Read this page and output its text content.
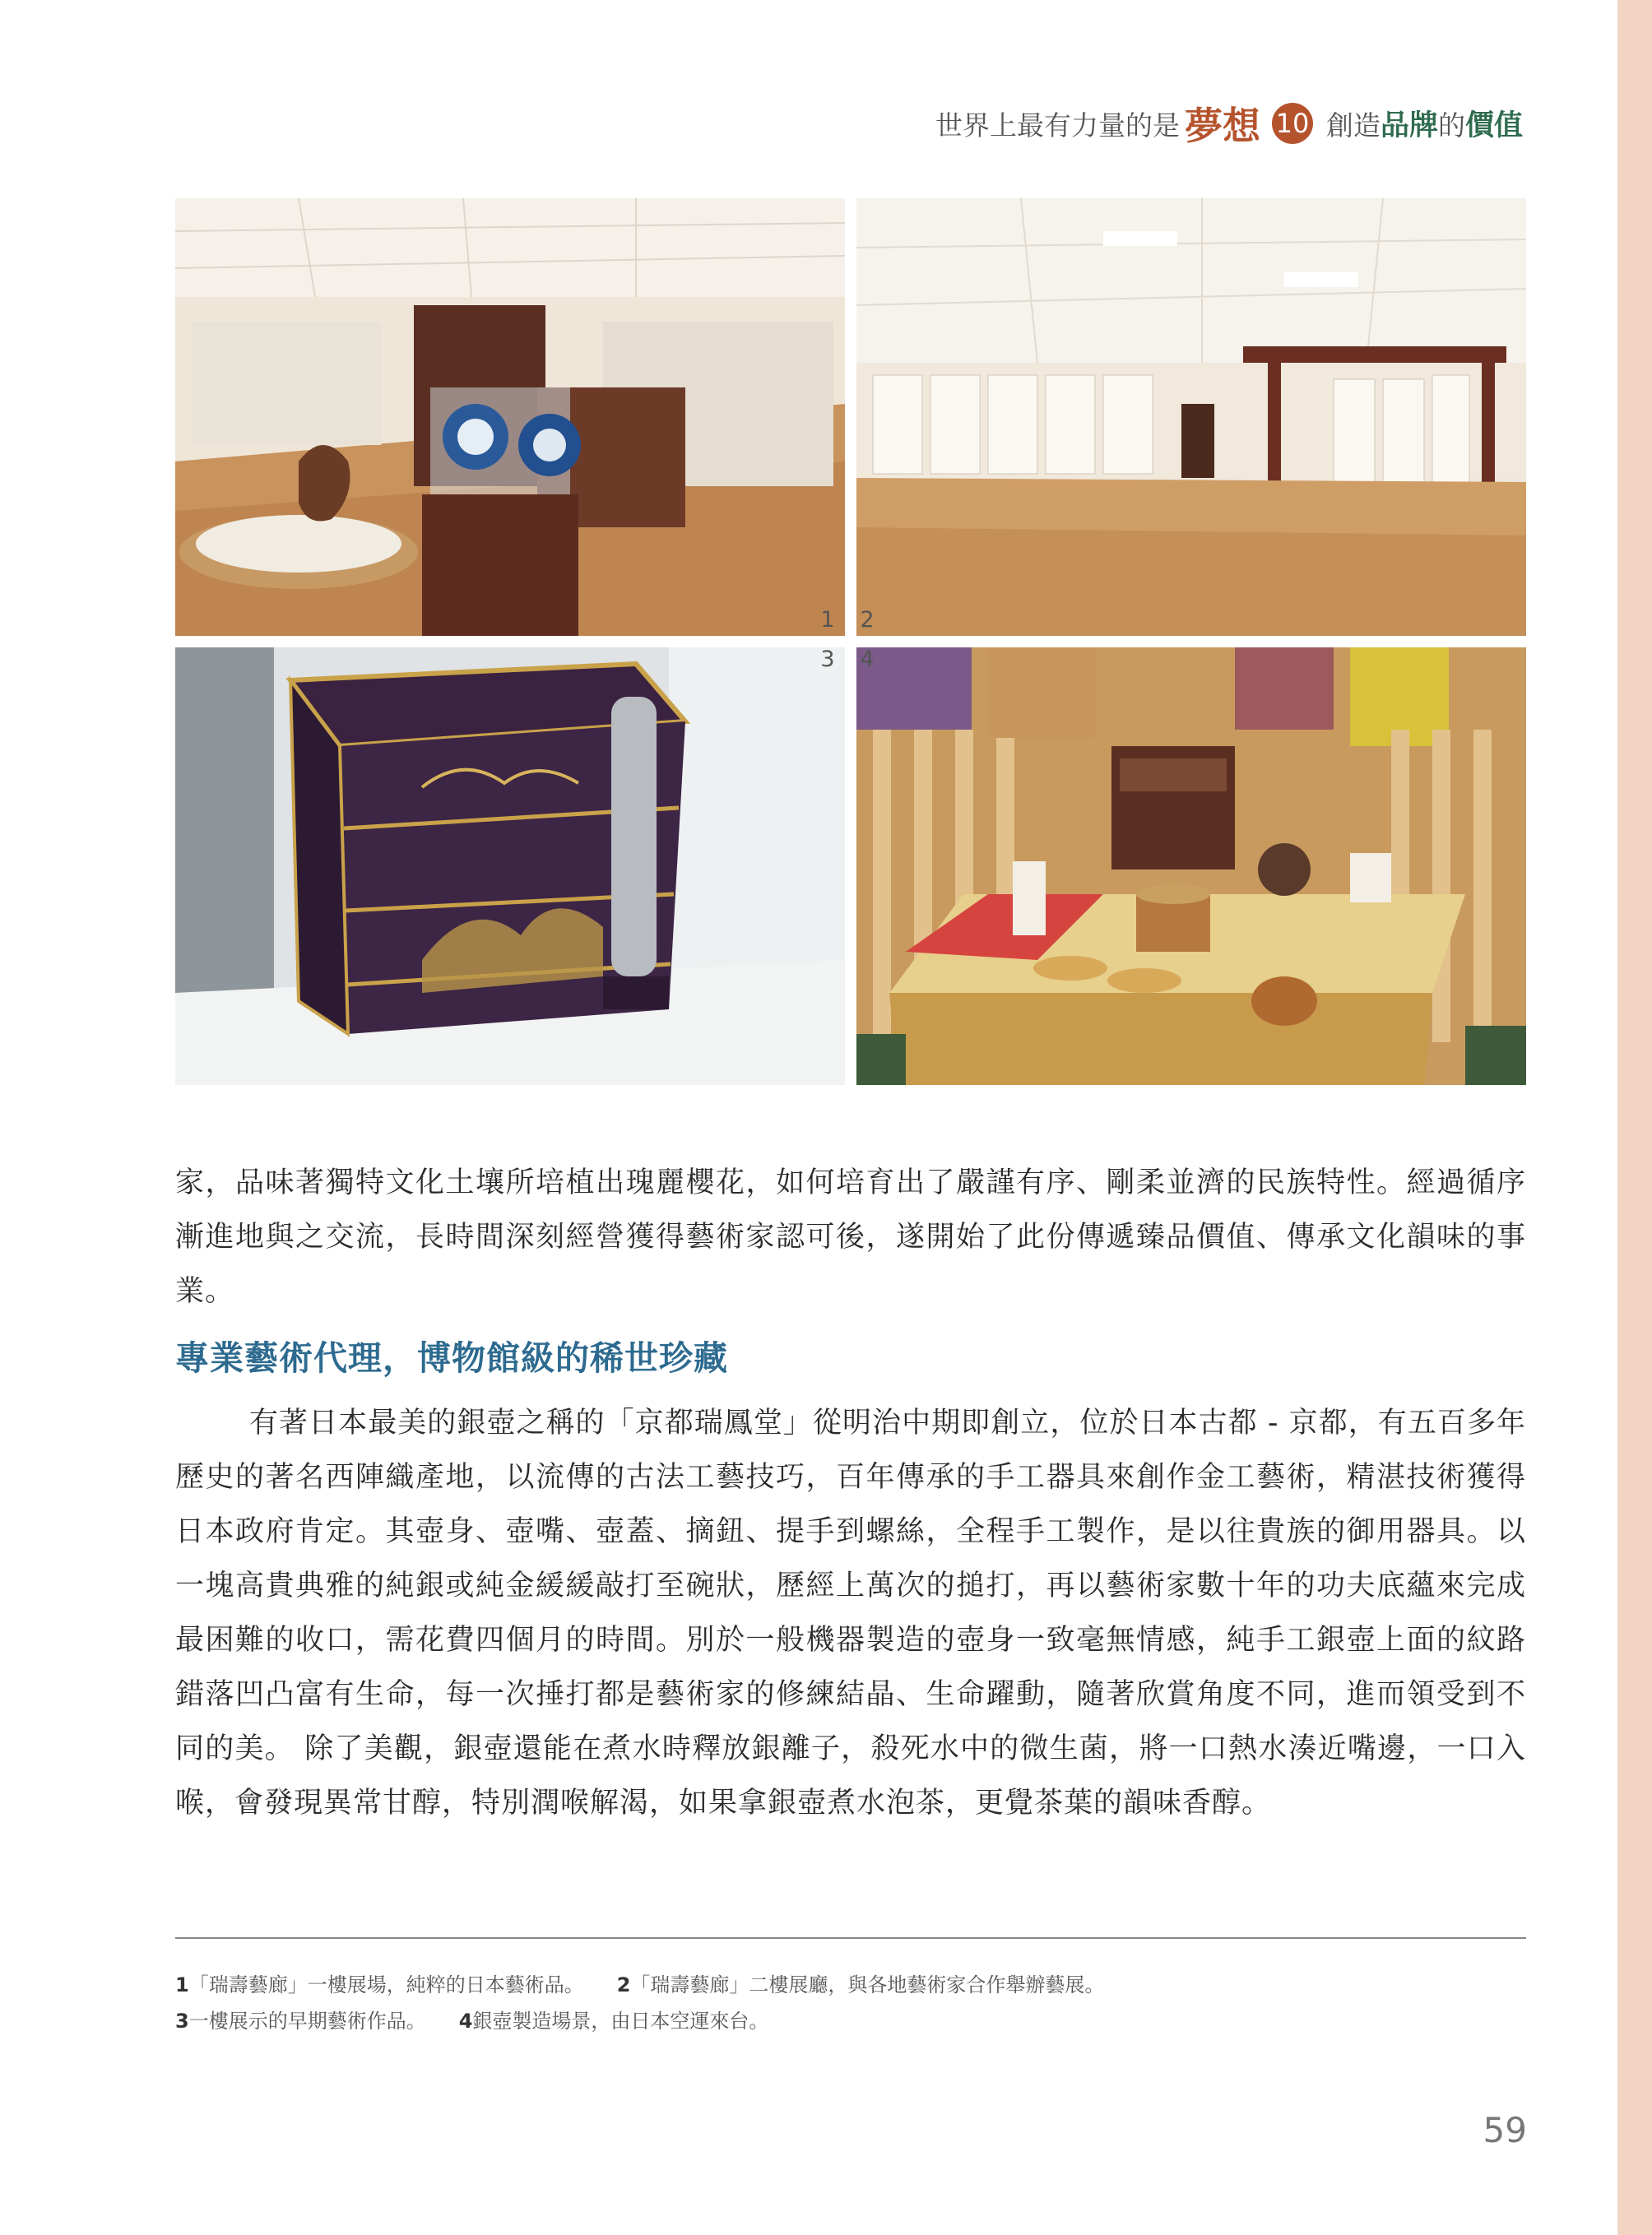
世界上最有力量的是 夢想 10 創造 品牌 的 價值
1 2
3 4

家，品味著獨特文化土壤所培植出瑰麗櫻花，如何培育出了嚴謹有序、剛柔並濟的民族特性。經過循序漸進地與之交流，長時間深刻經營獲得藝術家認可後，遂開始了此份傳遞臻品價值、傳承文化韻味的事業。

專業藝術代理，博物館級的稀世珍藏

有著日本最美的銀壺之稱的「京都瑞鳳堂」從明治中期即創立，位於日本古都 - 京都，有五百多年歷史的著名西陣織產地，以流傳的古法工藝技巧，百年傳承的手工器具來創作金工藝術，精湛技術獲得日本政府肯定。其壺身、壺嘴、壺蓋、摘鈕、提手到螺絲，全程手工製作，是以往貴族的御用器具。以一塊高貴典雅的純銀或純金緩緩敲打至碗狀，歷經上萬次的搥打，再以藝術家數十年的功夫底蘊來完成最困難的收口，需花費四個月的時間。別於一般機器製造的壺身一致毫無情感，純手工銀壺上面的紋路錯落凹凸富有生命，每一次捶打都是藝術家的修練結晶、生命躍動，隨著欣賞角度不同，進而領受到不同的美。 除了美觀，銀壺還能在煮水時釋放銀離子，殺死水中的微生菌，將一口熱水湊近嘴邊，一口入喉，會發現異常甘醇，特別潤喉解渴，如果拿銀壺煮水泡茶，更覺茶葉的韻味香醇。

1「瑞壽藝廊」一樓展場，純粹的日本藝術品。 2「瑞壽藝廊」二樓展廳，與各地藝術家合作舉辦藝展。
3一樓展示的早期藝術作品。 4銀壺製造場景，由日本空運來台。
59
